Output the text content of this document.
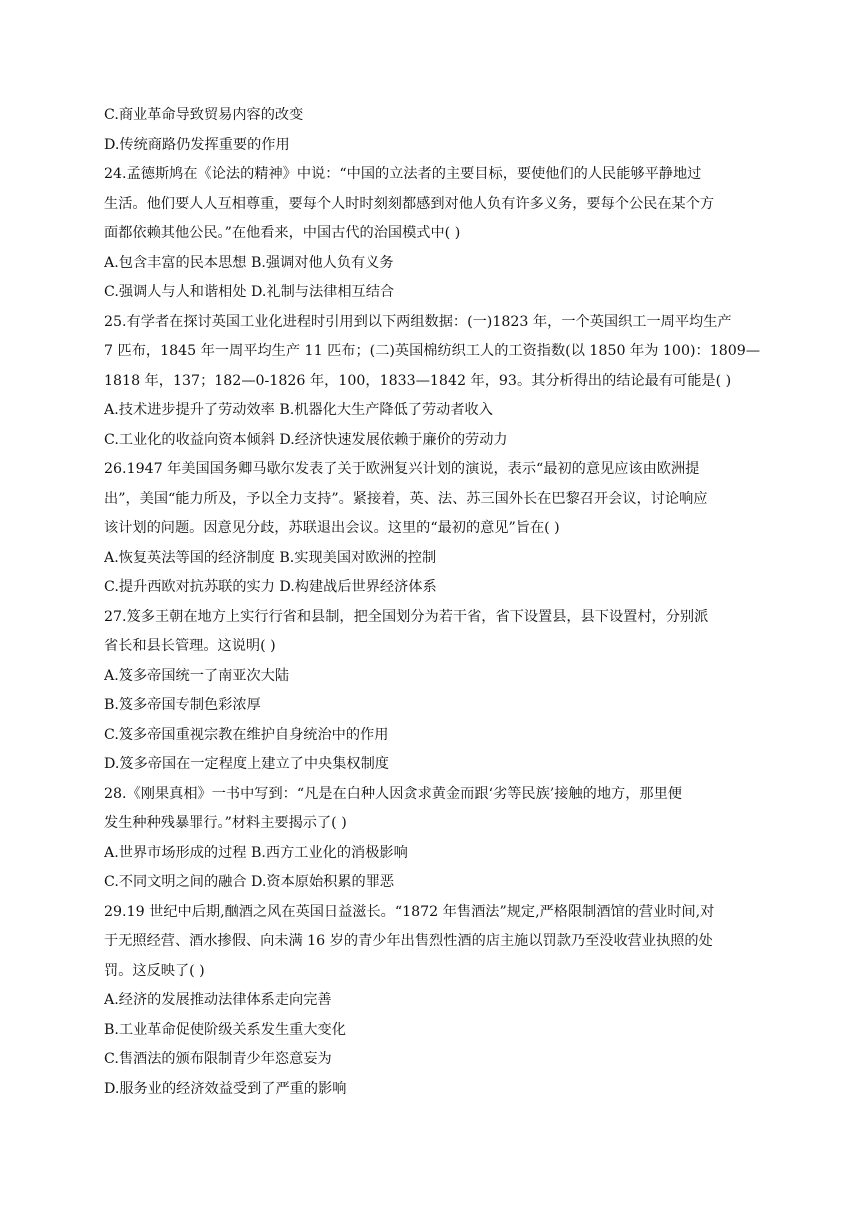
C.商业革命导致贸易内容的改变
D.传统商路仍发挥重要的作用
24.孟德斯鸠在《论法的精神》中说：“中国的立法者的主要目标，要使他们的人民能够平静地过
生活。他们要人人互相尊重，要每个人时时刻刻都感到对他人负有许多义务，要每个公民在某个方
面都依赖其他公民。”在他看来，中国古代的治国模式中( )
A.包含丰富的民本思想 B.强调对他人负有义务
C.强调人与人和谐相处 D.礼制与法律相互结合
25.有学者在探讨英国工业化进程时引用到以下两组数据：(一)1823 年，一个英国织工一周平均生产
7 匹布，1845 年一周平均生产 11 匹布；(二)英国棉纺织工人的工资指数(以 1850 年为 100)：1809—
1818 年，137；182—0-1826 年，100，1833—1842 年，93。其分析得出的结论最有可能是( )
A.技术进步提升了劳动效率 B.机器化大生产降低了劳动者收入
C.工业化的收益向资本倾斜 D.经济快速发展依赖于廉价的劳动力
26.1947 年美国国务卿马歇尔发表了关于欧洲复兴计划的演说，表示“最初的意见应该由欧洲提
出”，美国“能力所及，予以全力支持”。紧接着，英、法、苏三国外长在巴黎召开会议，讨论响应
该计划的问题。因意见分歧，苏联退出会议。这里的“最初的意见”旨在( )
A.恢复英法等国的经济制度 B.实现美国对欧洲的控制
C.提升西欧对抗苏联的实力 D.构建战后世界经济体系
27.笈多王朝在地方上实行行省和县制，把全国划分为若干省，省下设置县，县下设置村，分别派
省长和县长管理。这说明( )
A.笈多帝国统一了南亚次大陆
B.笈多帝国专制色彩浓厚
C.笈多帝国重视宗教在维护自身统治中的作用
D.笈多帝国在一定程度上建立了中央集权制度
28.《刚果真相》一书中写到：“凡是在白种人因贪求黄金而跟‘劣等民族’接触的地方，那里便
发生种种残暴罪行。”材料主要揭示了( )
A.世界市场形成的过程 B.西方工业化的消极影响
C.不同文明之间的融合 D.资本原始积累的罪恶
29.19 世纪中后期,酗酒之风在英国日益滋长。“1872 年售酒法”规定,严格限制酒馆的营业时间,对
于无照经营、酒水掺假、向未满 16 岁的青少年出售烈性酒的店主施以罚款乃至没收营业执照的处
罚。这反映了( )
A.经济的发展推动法律体系走向完善
B.工业革命促使阶级关系发生重大变化
C.售酒法的颁布限制青少年恣意妄为
D.服务业的经济效益受到了严重的影响
